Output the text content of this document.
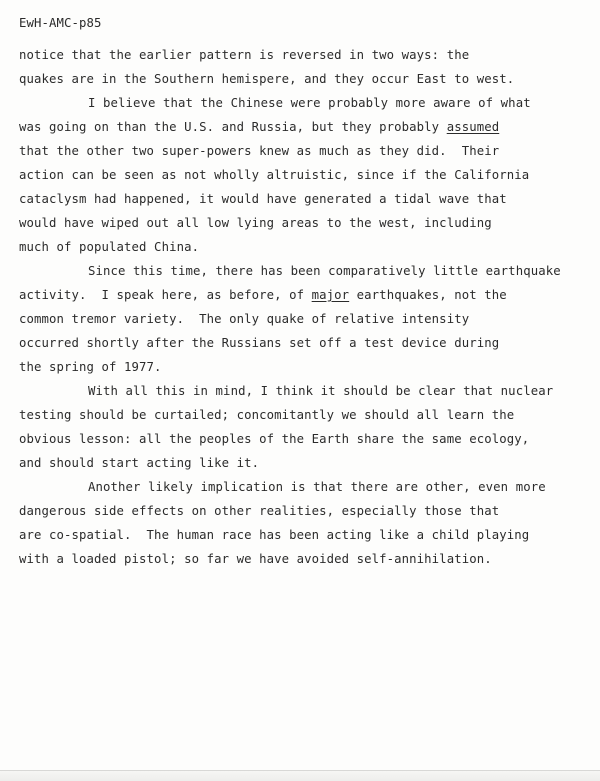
EwH-AMC-p85
notice that the earlier pattern is reversed in two ways: the
quakes are in the Southern hemispere, and they occur East to west.
I believe that the Chinese were probably more aware of what
was going on than the U.S. and Russia, but they probably assumed
that the other two super-powers knew as much as they did.  Their
action can be seen as not wholly altruistic, since if the California
cataclysm had happened, it would have generated a tidal wave that
would have wiped out all low lying areas to the west, including
much of populated China.
Since this time, there has been comparatively little earthquake
activity.  I speak here, as before, of major earthquakes, not the
common tremor variety.  The only quake of relative intensity
occurred shortly after the Russians set off a test device during
the spring of 1977.
With all this in mind, I think it should be clear that nuclear
testing should be curtailed; concomitantly we should all learn the
obvious lesson: all the peoples of the Earth share the same ecology,
and should start acting like it.
Another likely implication is that there are other, even more
dangerous side effects on other realities, especially those that
are co-spatial.  The human race has been acting like a child playing
with a loaded pistol; so far we have avoided self-annihilation.
